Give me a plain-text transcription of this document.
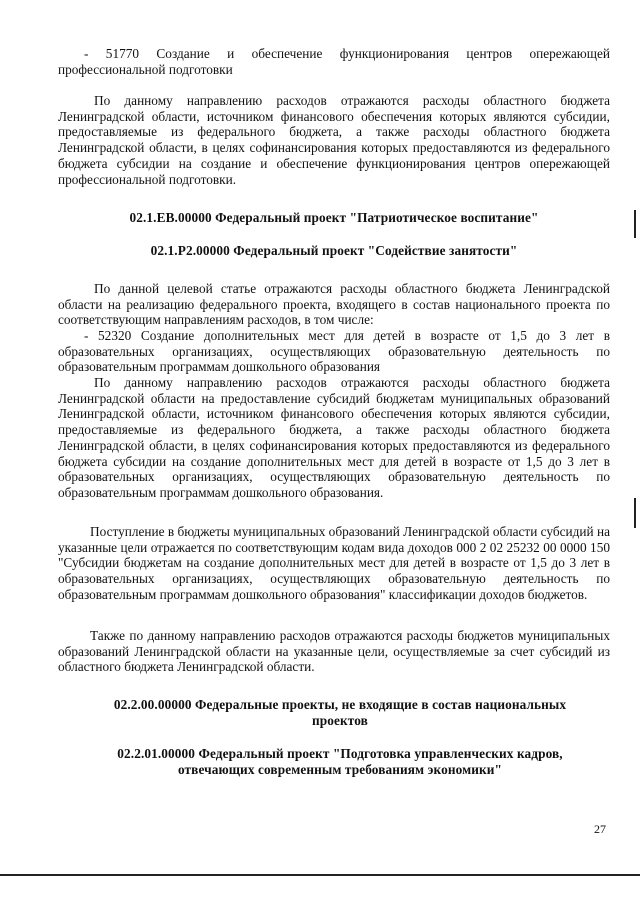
- 51770 Создание и обеспечение функционирования центров опережающей профессиональной подготовки

По данному направлению расходов отражаются расходы областного бюджета Ленинградской области, источником финансового обеспечения которых являются субсидии, предоставляемые из федерального бюджета, а также расходы областного бюджета Ленинградской области, в целях софинансирования которых предоставляются из федерального бюджета субсидии на создание и обеспечение функционирования центров опережающей профессиональной подготовки.

02.1.ЕВ.00000 Федеральный проект "Патриотическое воспитание"

02.1.Р2.00000 Федеральный проект "Содействие занятости"

По данной целевой статье отражаются расходы областного бюджета Ленинградской области на реализацию федерального проекта, входящего в состав национального проекта по соответствующим направлениям расходов, в том числе:

- 52320 Создание дополнительных мест для детей в возрасте от 1,5 до 3 лет в образовательных организациях, осуществляющих образовательную деятельность по образовательным программам дошкольного образования

По данному направлению расходов отражаются расходы областного бюджета Ленинградской области на предоставление субсидий бюджетам муниципальных образований Ленинградской области, источником финансового обеспечения которых являются субсидии, предоставляемые из федерального бюджета, а также расходы областного бюджета Ленинградской области, в целях софинансирования которых предоставляются из федерального бюджета субсидии на создание дополнительных мест для детей в возрасте от 1,5 до 3 лет в образовательных организациях, осуществляющих образовательную деятельность по образовательным программам дошкольного образования.

Поступление в бюджеты муниципальных образований Ленинградской области субсидий на указанные цели отражается по соответствующим кодам вида доходов 000 2 02 25232 00 0000 150 "Субсидии бюджетам на создание дополнительных мест для детей в возрасте от 1,5 до 3 лет в образовательных организациях, осуществляющих образовательную деятельность по образовательным программам дошкольного образования" классификации доходов бюджетов.

Также по данному направлению расходов отражаются расходы бюджетов муниципальных образований Ленинградской области на указанные цели, осуществляемые за счет субсидий из областного бюджета Ленинградской области.

02.2.00.00000 Федеральные проекты, не входящие в состав национальных проектов

02.2.01.00000 Федеральный проект "Подготовка управленческих кадров, отвечающих современным требованиям экономики"

27
